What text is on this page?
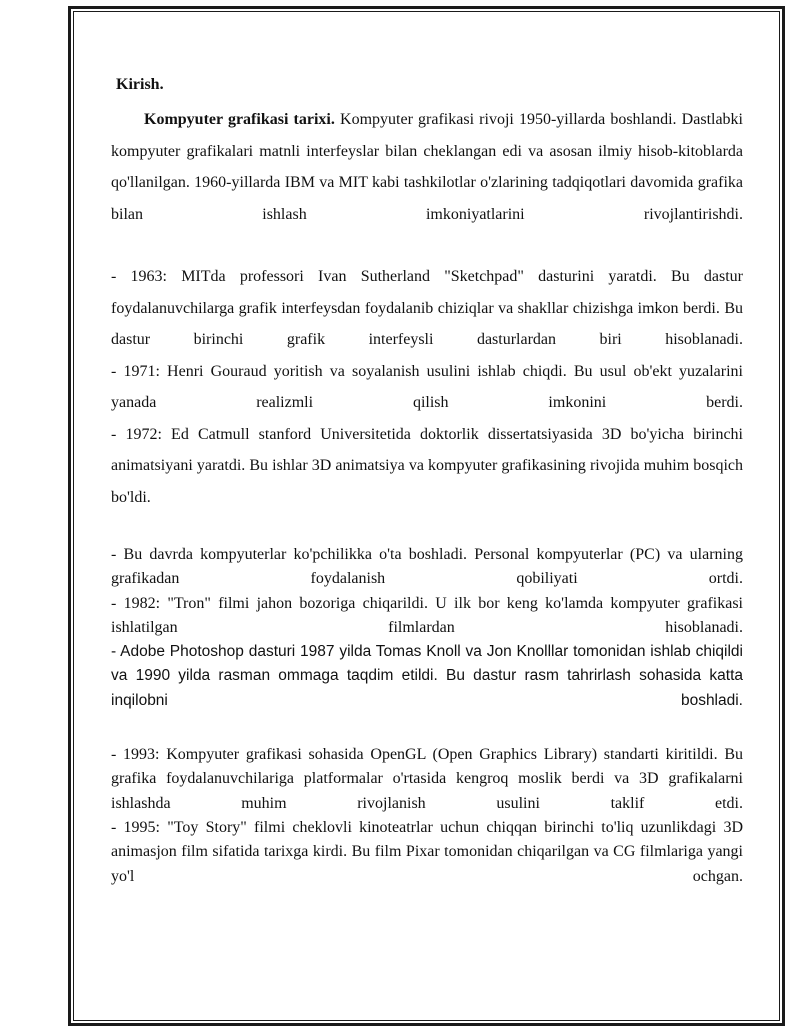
Kirish.

Kompyuter grafikasi tarixi. Kompyuter grafikasi rivoji 1950-yillarda boshlandi. Dastlabki kompyuter grafikalari matnli interfeyslar bilan cheklangan edi va asosan ilmiy hisob-kitoblarda qo'llanilgan. 1960-yillarda IBM va MIT kabi tashkilotlar o'zlarining tadqiqotlari davomida grafika bilan ishlash imkoniyatlarini rivojlantirishdi.

- 1963: MITda professori Ivan Sutherland "Sketchpad" dasturini yaratdi. Bu dastur foydalanuvchilarga grafik interfeysdan foydalanib chiziqlar va shakllar chizishga imkon berdi. Bu dastur birinchi grafik interfeysli dasturlardan biri hisoblanadi.

- 1971: Henri Gouraud yoritish va soyalanish usulini ishlab chiqdi. Bu usul ob'ekt yuzalarini yanada realizmli qilish imkonini berdi.

- 1972: Ed Catmull stanford Universitetida doktorlik dissertatsiyasida 3D bo'yicha birinchi animatsiyani yaratdi. Bu ishlar 3D animatsiya va kompyuter grafikasining rivojida muhim bosqich bo'ldi.

- Bu davrda kompyuterlar ko'pchilikka o'ta boshladi. Personal kompyuterlar (PC) va ularning grafikadan foydalanish qobiliyati ortdi.

- 1982: "Tron" filmi jahon bozoriga chiqarildi. U ilk bor keng ko'lamda kompyuter grafikasi ishlatilgan filmlardan hisoblanadi.

- Adobe Photoshop dasturi 1987 yilda Tomas Knoll va Jon Knolllar tomonidan ishlab chiqildi va 1990 yilda rasman ommaga taqdim etildi. Bu dastur rasm tahrirlash sohasida katta inqilobni boshladi.

- 1993: Kompyuter grafikasi sohasida OpenGL (Open Graphics Library) standarti kiritildi. Bu grafika foydalanuvchilariga platformalar o'rtasida kengroq moslik berdi va 3D grafikalarni ishlashda muhim rivojlanish usulini taklif etdi.

- 1995: "Toy Story" filmi cheklovli kinoteatrlar uchun chiqqan birinchi to'liq uzunlikdagi 3D animasjon film sifatida tarixga kirdi. Bu film Pixar tomonidan chiqarilgan va CG filmlariga yangi yo'l ochgan.
